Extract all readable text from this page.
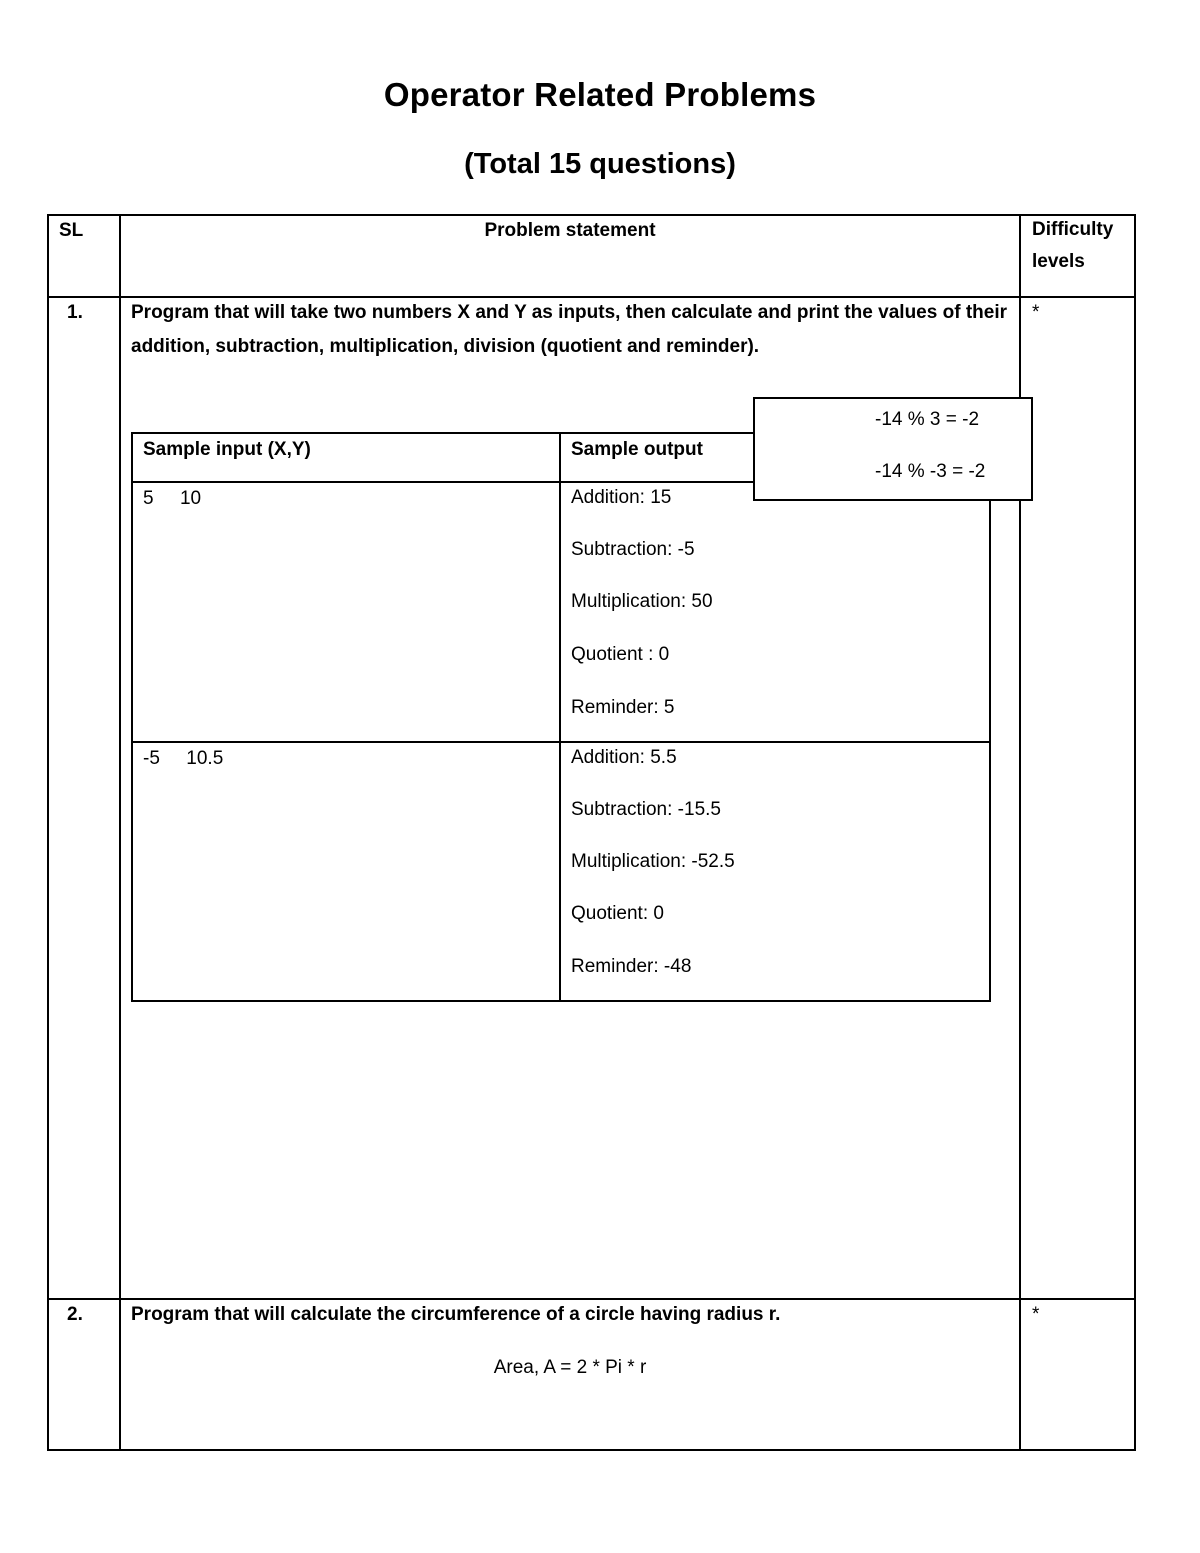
Operator Related Problems
(Total 15 questions)
SL	Problem statement	Difficulty
levels
1.	Program that will take two numbers X and Y as inputs, then calculate and print the values of their addition, subtraction, multiplication, division (quotient and reminder).
*
Sample input (X,Y)	Sample output
5     10	Addition: 15
Subtraction: -5
Multiplication: 50
Quotient : 0
Reminder: 5
-5     10.5	Addition: 5.5
Subtraction: -15.5
Multiplication: -52.5
Quotient: 0
Reminder: -48
-14 % 3 = -2
-14 % -3 = -2
2.	Program that will calculate the circumference of a circle having radius r.
Area, A = 2 * Pi * r
*
